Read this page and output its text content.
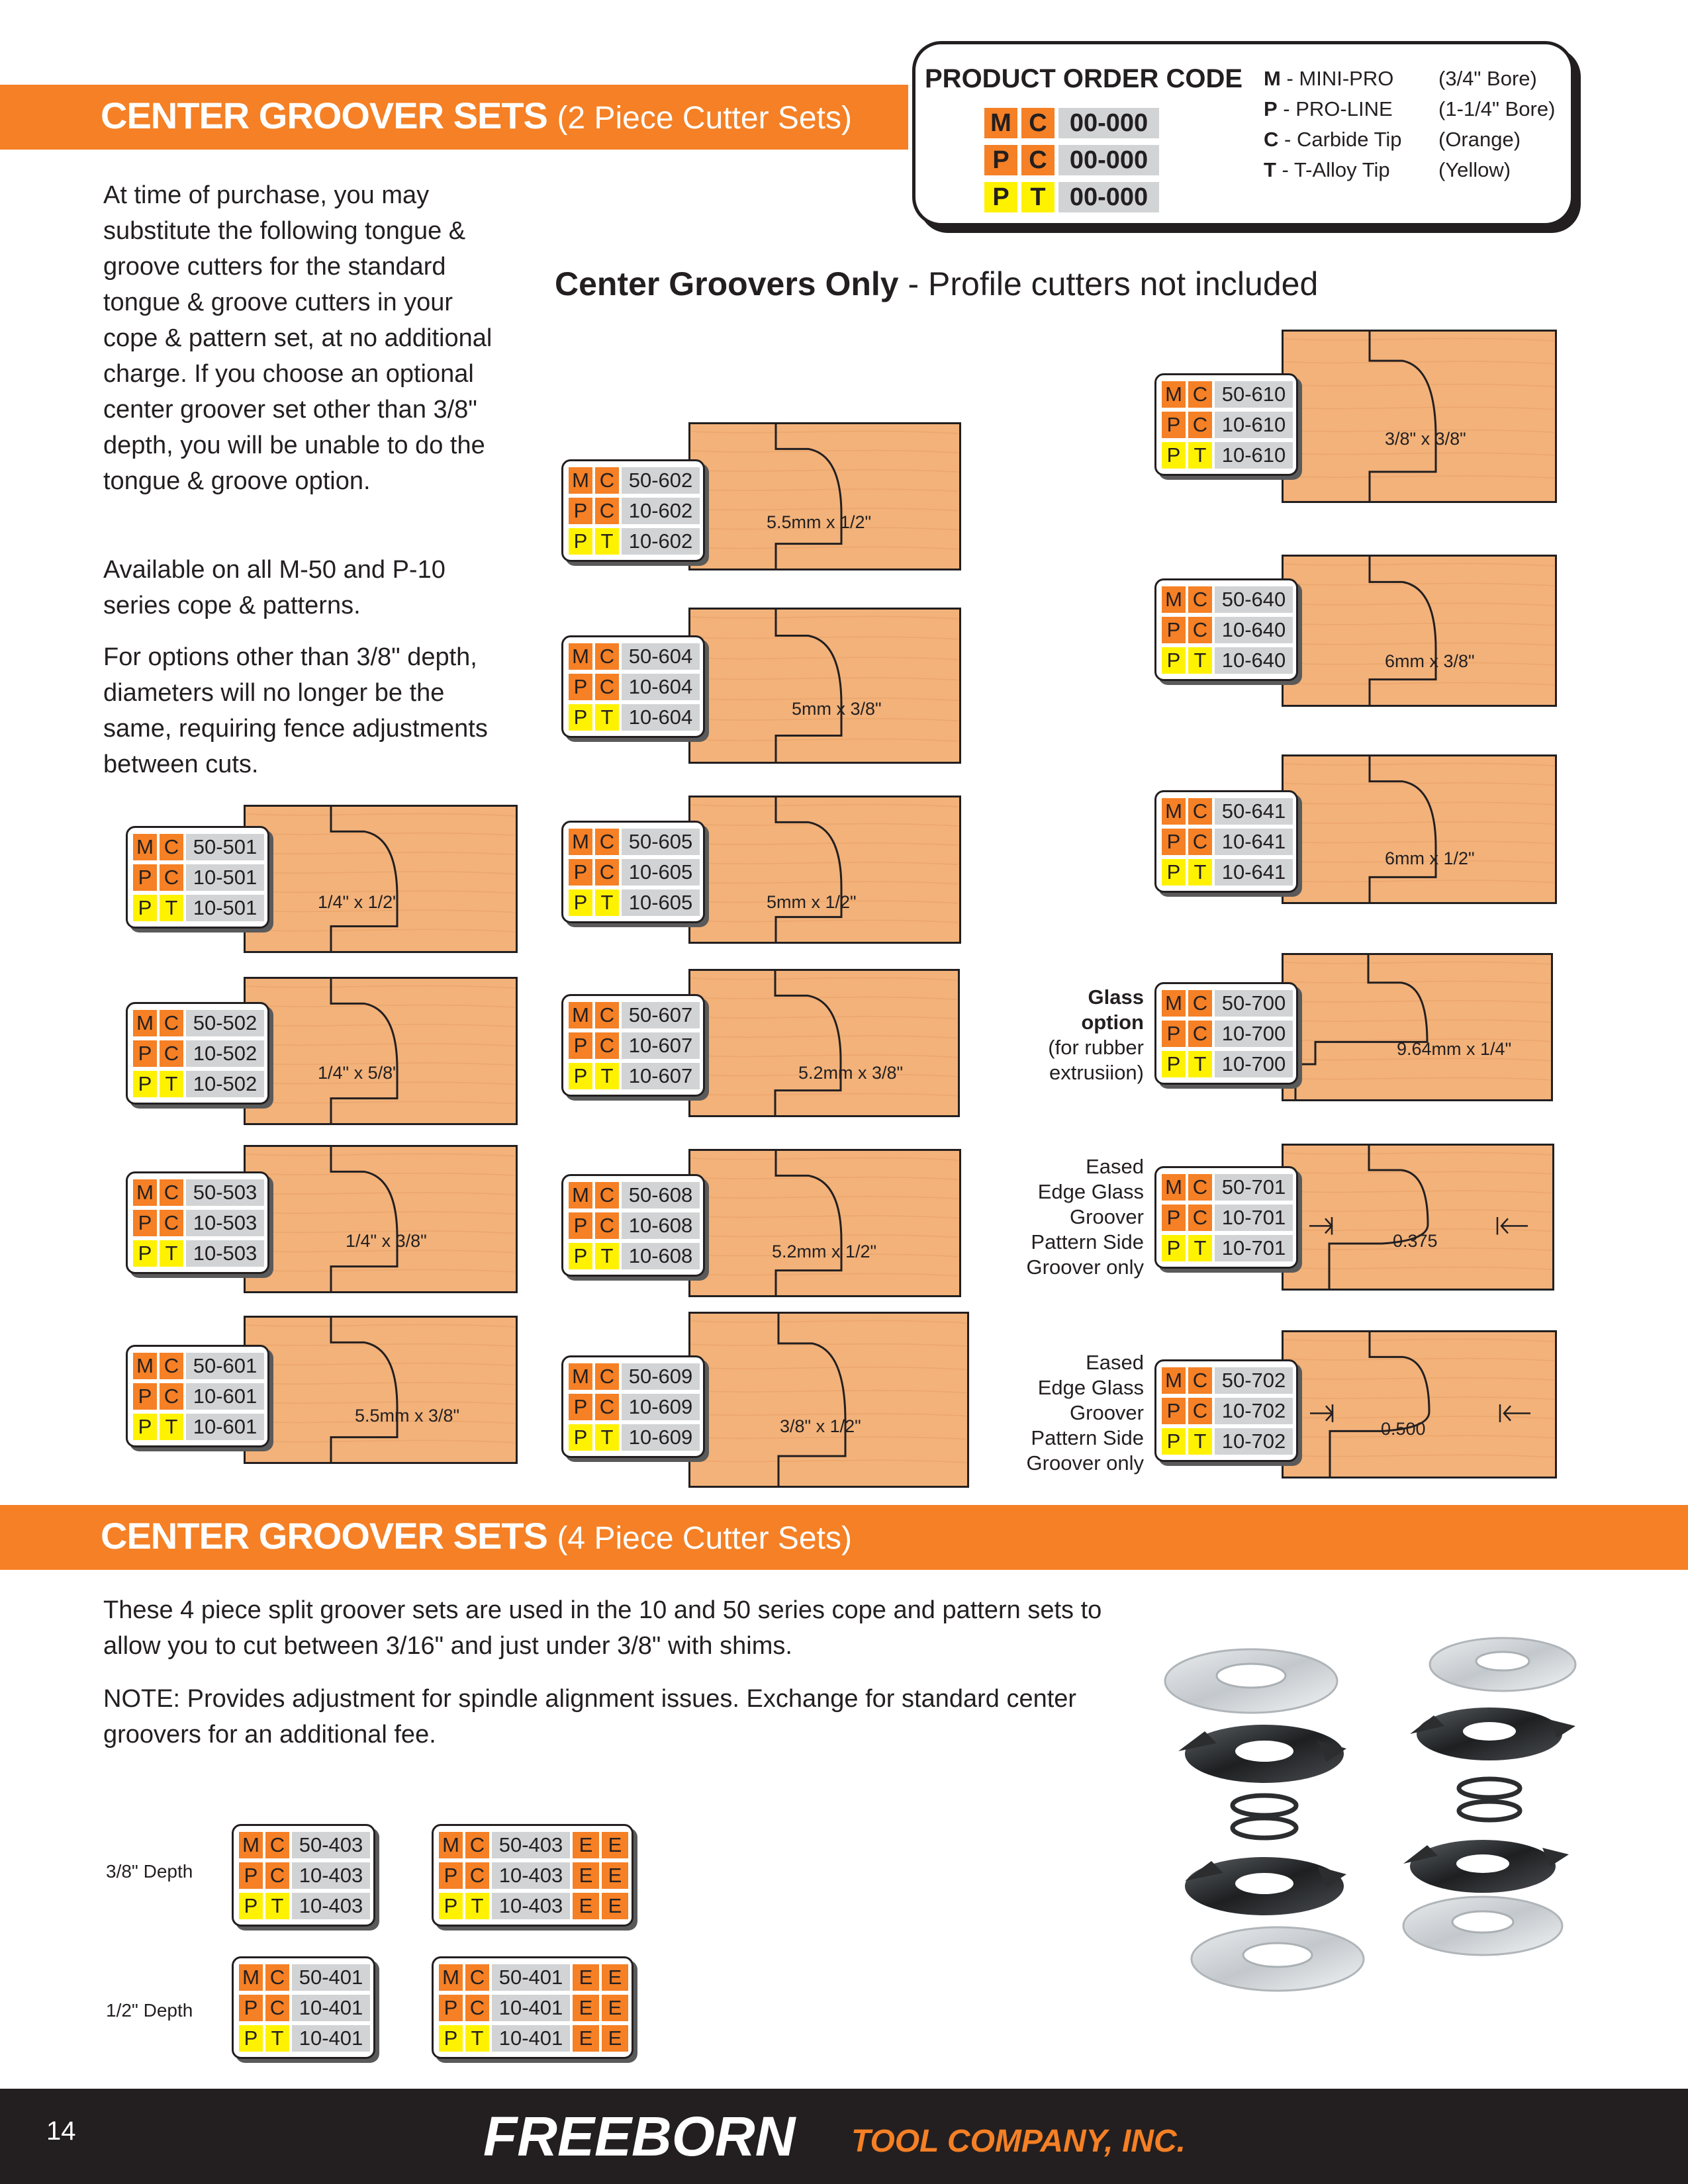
CENTER GROOVER SETS (2 Piece Cutter Sets)
PRODUCT ORDER CODE
M C 00-000
P C 00-000
P T 00-000
M - MINI-PRO (3/4" Bore)
P - PRO-LINE (1-1/4" Bore)
C - Carbide Tip (Orange)
T - T-Alloy Tip (Yellow)
At time of purchase, you may substitute the following tongue & groove cutters for the standard tongue & groove cutters in your cope & pattern set, at no additional charge. If you choose an optional center groover set other than 3/8" depth, you will be unable to do the tongue & groove option.
Available on all M-50 and P-10 series cope & patterns.
For options other than 3/8" depth, diameters will no longer be the same, requiring fence adjustments between cuts.
Center Groovers Only - Profile cutters not included
1/4" x 1/2"
M C 50-501
P C 10-501
P T 10-501
1/4" x 5/8"
M C 50-502
P C 10-502
P T 10-502
1/4" x 3/8"
M C 50-503
P C 10-503
P T 10-503
5.5mm x 3/8"
M C 50-601
P C 10-601
P T 10-601
5.5mm x 1/2"
M C 50-602
P C 10-602
P T 10-602
5mm x 3/8"
M C 50-604
P C 10-604
P T 10-604
5mm x 1/2"
M C 50-605
P C 10-605
P T 10-605
5.2mm x 3/8"
M C 50-607
P C 10-607
P T 10-607
5.2mm x 1/2"
M C 50-608
P C 10-608
P T 10-608
3/8" x 1/2"
M C 50-609
P C 10-609
P T 10-609
3/8" x 3/8"
M C 50-610
P C 10-610
P T 10-610
6mm x 3/8"
M C 50-640
P C 10-640
P T 10-640
6mm x 1/2"
M C 50-641
P C 10-641
P T 10-641
9.64mm x 1/4"
M C 50-700
P C 10-700
P T 10-700
0.375
M C 50-701
P C 10-701
P T 10-701
0.500
M C 50-702
P C 10-702
P T 10-702
Glass
option
(for rubber
extrusiion)
Eased
Edge Glass
Groover
Pattern Side
Groover only
Eased
Edge Glass
Groover
Pattern Side
Groover only
CENTER GROOVER SETS (4 Piece Cutter Sets)
These 4 piece split groover sets are used in the 10 and 50 series cope and pattern sets to allow you to cut between 3/16" and just under 3/8" with shims.
NOTE: Provides adjustment for spindle alignment issues. Exchange for standard center groovers for an additional fee.
3/8" Depth
1/2" Depth
M C 50-403
P C 10-403
P T 10-403
M C 50-403 E E
P C 10-403 E E
P T 10-403 E E
M C 50-401
P C 10-401
P T 10-401
M C 50-401 E E
P C 10-401 E E
P T 10-401 E E
14	FREEBORN TOOL COMPANY, INC.
